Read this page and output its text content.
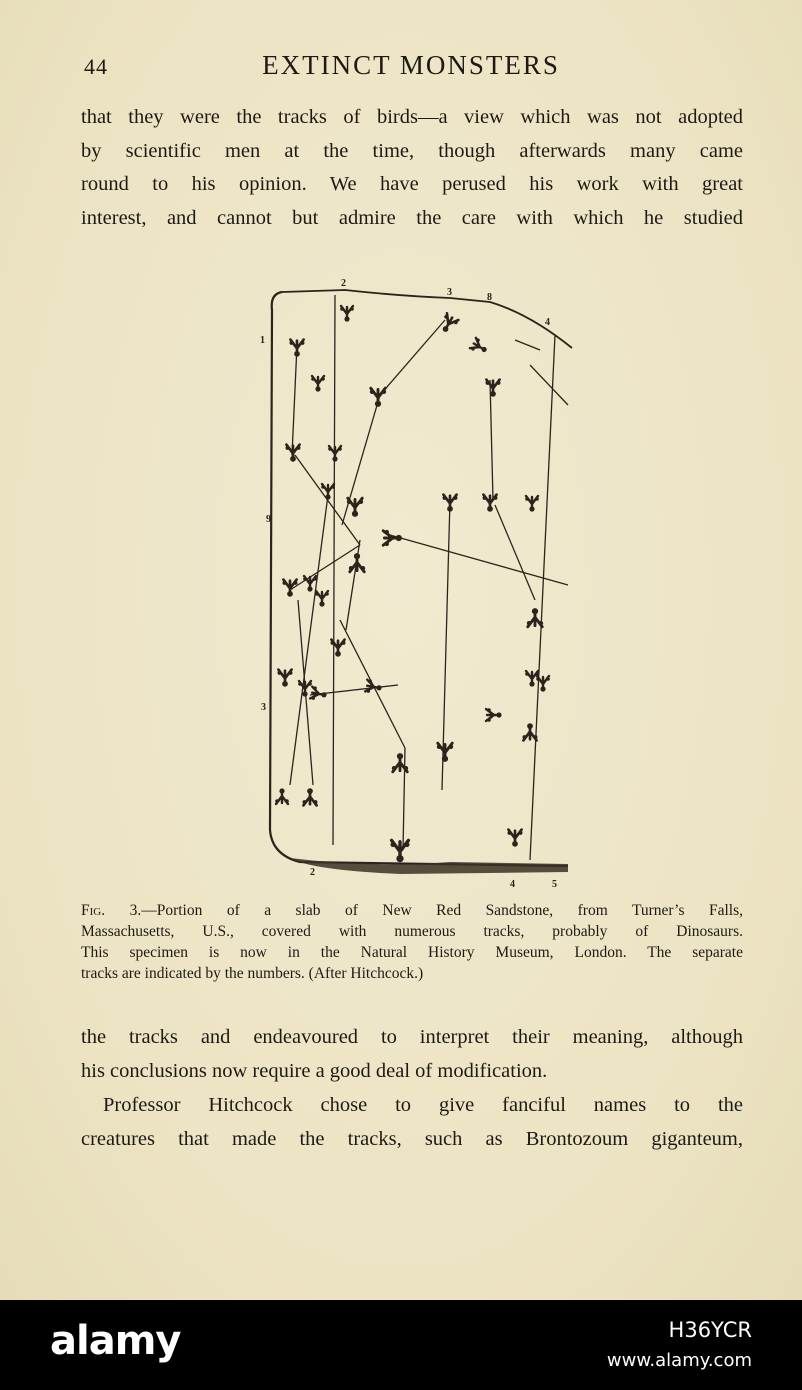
44	EXTINCT MONSTERS
that they were the tracks of birds—a view which was not adopted
by scientific men at the time, though afterwards many came
round to his opinion. We have perused his work with great
interest, and cannot but admire the care with which he studied
2
1
3	8
4
9
3
2
4	5
Fig. 3.—Portion of a slab of New Red Sandstone, from Turner’s Falls,
Massachusetts, U.S., covered with numerous tracks, probably of Dinosaurs.
This specimen is now in the Natural History Museum, London. The separate
tracks are indicated by the numbers. (After Hitchcock.)
the tracks and endeavoured to interpret their meaning, although
his conclusions now require a good deal of modification.
Professor Hitchcock chose to give fanciful names to the
creatures that made the tracks, such as Brontozoum giganteum,
alamy	H36YCR
www.alamy.com
